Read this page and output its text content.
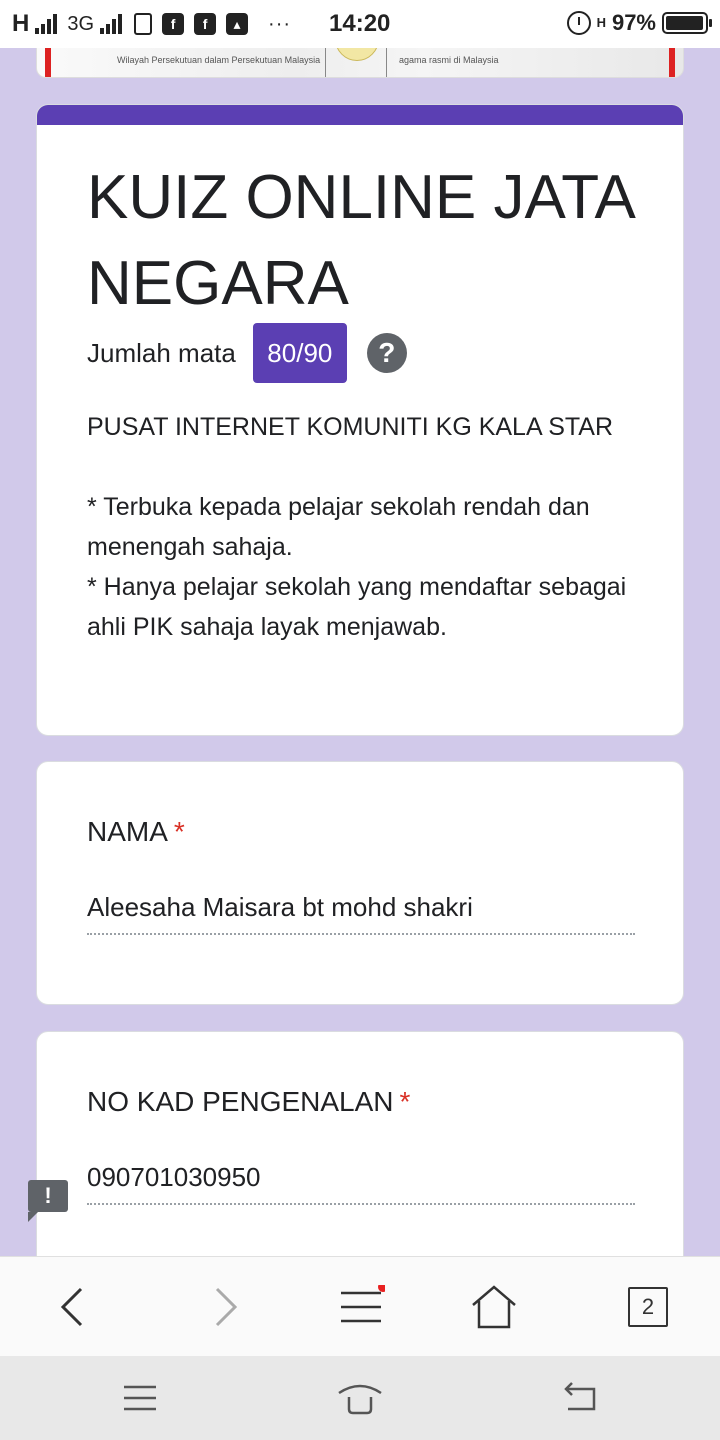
H 3G	f	f	▴	··· 14:20	H 97%
Wilayah Persekutuan dalam Persekutuan Malaysia	agama rasmi di Malaysia
KUIZ ONLINE JATA NEGARA
Jumlah mata	80/90	?
PUSAT INTERNET KOMUNITI KG KALA STAR

* Terbuka kepada pelajar sekolah rendah dan menengah sahaja.
* Hanya pelajar sekolah yang mendaftar sebagai ahli PIK sahaja layak menjawab.
NAMA *
Aleesaha Maisara bt mohd shakri
NO KAD PENGENALAN *
090701030950
!
2
